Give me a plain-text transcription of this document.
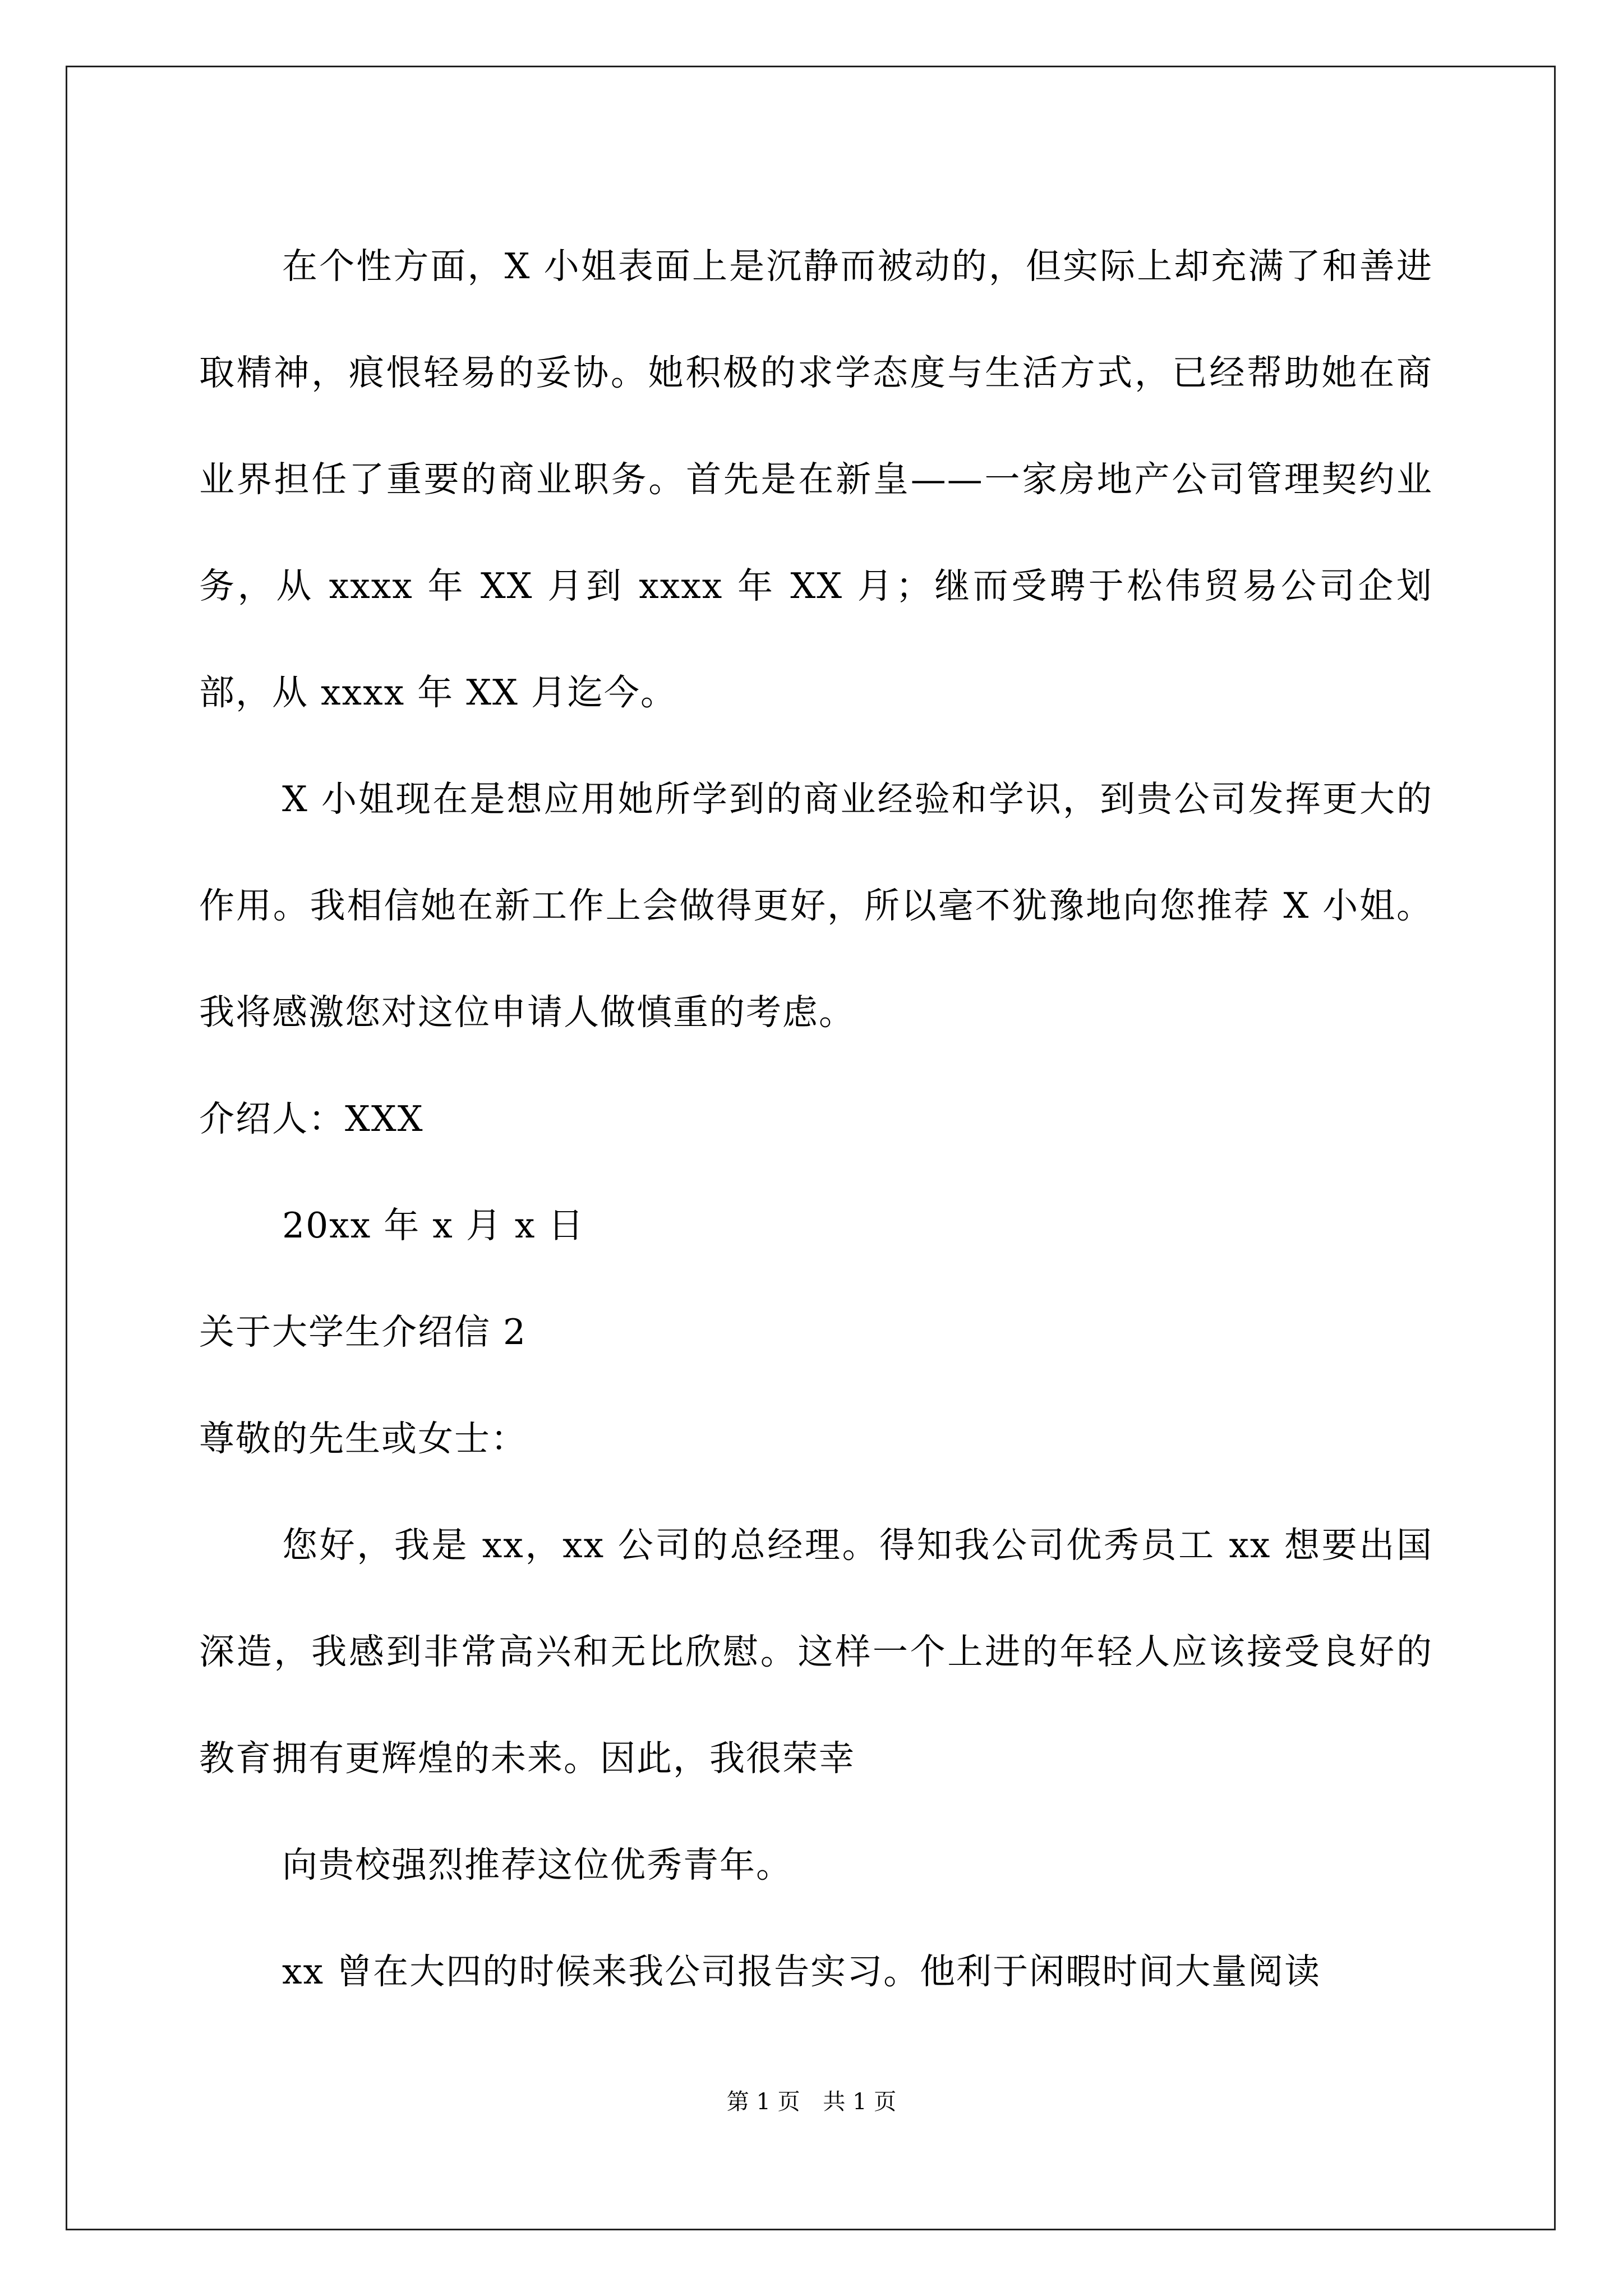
在个性方面，X 小姐表面上是沉静而被动的，但实际上却充满了和善进取精神，痕恨轻易的妥协。她积极的求学态度与生活方式，已经帮助她在商业界担任了重要的商业职务。首先是在新皇——一家房地产公司管理契约业务，从 xxxx 年 XX 月到 xxxx 年 XX 月；继而受聘于松伟贸易公司企划部，从 xxxx 年 XX 月迄今。

X 小姐现在是想应用她所学到的商业经验和学识，到贵公司发挥更大的作用。我相信她在新工作上会做得更好，所以毫不犹豫地向您推荐 X 小姐。我将感激您对这位申请人做慎重的考虑。

介绍人：XXX

20xx 年 x 月 x 日

关于大学生介绍信 2

尊敬的先生或女士：

您好，我是 xx，xx 公司的总经理。得知我公司优秀员工 xx 想要出国深造，我感到非常高兴和无比欣慰。这样一个上进的年轻人应该接受良好的教育拥有更辉煌的未来。因此，我很荣幸

向贵校强烈推荐这位优秀青年。

xx 曾在大四的时候来我公司报告实习。他利于闲暇时间大量阅读

第 1 页 共 1 页
